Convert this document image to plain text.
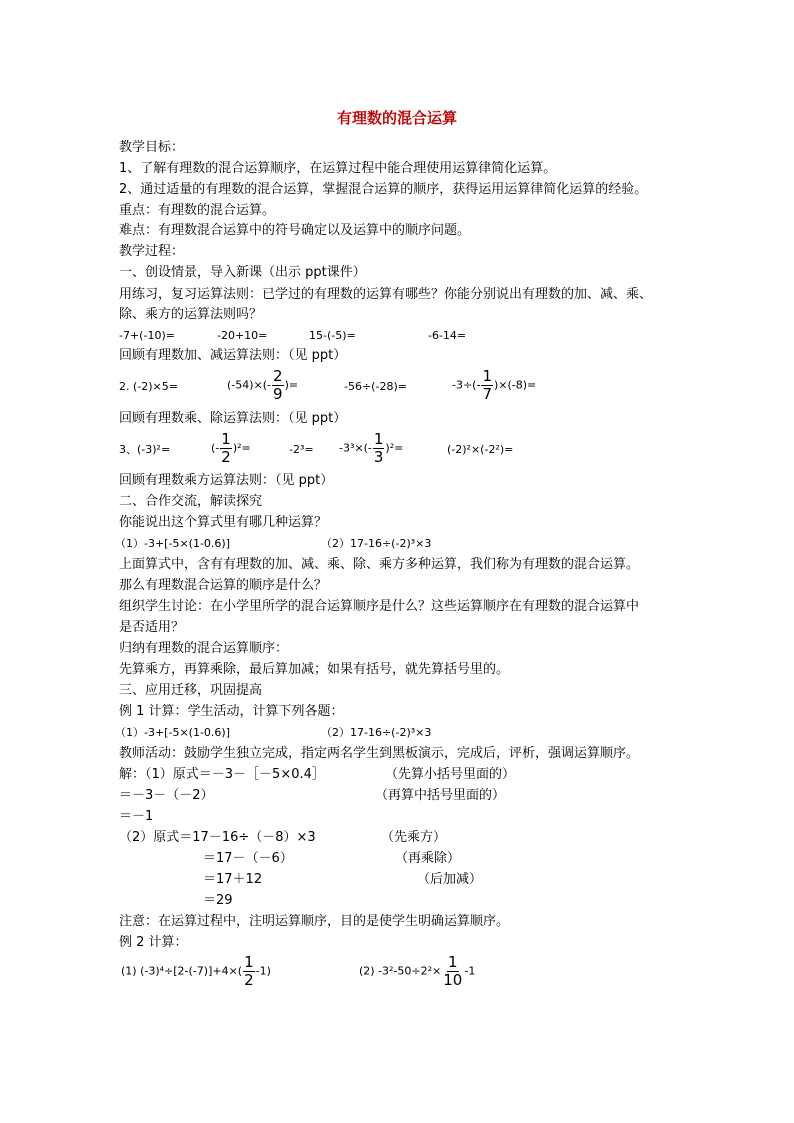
有理数的混合运算
教学目标：
1、了解有理数的混合运算顺序，在运算过程中能合理使用运算律简化运算。
2、通过适量的有理数的混合运算，掌握混合运算的顺序，获得运用运算律简化运算的经验。
重点：有理数的混合运算。
难点：有理数混合运算中的符号确定以及运算中的顺序问题。
教学过程：
一、创设情景，导入新课（出示 ppt课件）
用练习，复习运算法则：已学过的有理数的运算有哪些？你能分别说出有理数的加、减、乘、
除、乘方的运算法则吗？
-7+(-10)=	-20+10=	15-(-5)=	-6-14=
回顾有理数加、减运算法则：（见 ppt）
2. (-2)×5=	$(-54)\times(- \frac{2}{9}$ )=	-56÷(-28)=	$-3\div(- \frac{1}{7} )\times(-8)=$
回顾有理数乘、除运算法则：（见 ppt）
3、(-3)²=	(- $\frac{1}{2} )^2=$	$-2^3= -3^3\times(- \frac{1}{3} )^2=$	(-2)²×(-2²)=
回顾有理数乘方运算法则：（见 ppt）
二、合作交流，解读探究
你能说出这个算式里有哪几种运算？
（1）-3+[-5×(1-0.6)]	（2）17-16÷(-2)³×3
上面算式中，含有有理数的加、减、乘、除、乘方多种运算，我们称为有理数的混合运算。
那么有理数混合运算的顺序是什么？
组织学生讨论：在小学里所学的混合运算顺序是什么？这些运算顺序在有理数的混合运算中
是否适用？
归纳有理数的混合运算顺序：
先算乘方，再算乘除，最后算加减；如果有括号，就先算括号里的。
三、应用迁移，巩固提高
例 1 计算：学生活动，计算下列各题：
（1）-3+[-5×(1-0.6)]	（2）17-16÷(-2)³×3
教师活动：鼓励学生独立完成，指定两名学生到黑板演示，完成后，评析，强调运算顺序。
解：（1）原式＝－3－［－5×0.4］	（先算小括号里面的）
＝－3－（－2）	（再算中括号里面的）
＝－1
（2）原式＝17－16÷（－8）×3	（先乘方）
＝17－（－6）	（再乘除）
＝17＋12	（后加减）
＝29
注意：在运算过程中，注明运算顺序，目的是使学生明确运算顺序。
例 2 计算：
(1) $(-3)^4\div[2-(-7)]+4\times( \frac{1}{2} -1)$	(2) $-3^2-50\div 2^2\times \frac{1}{10} -1$
